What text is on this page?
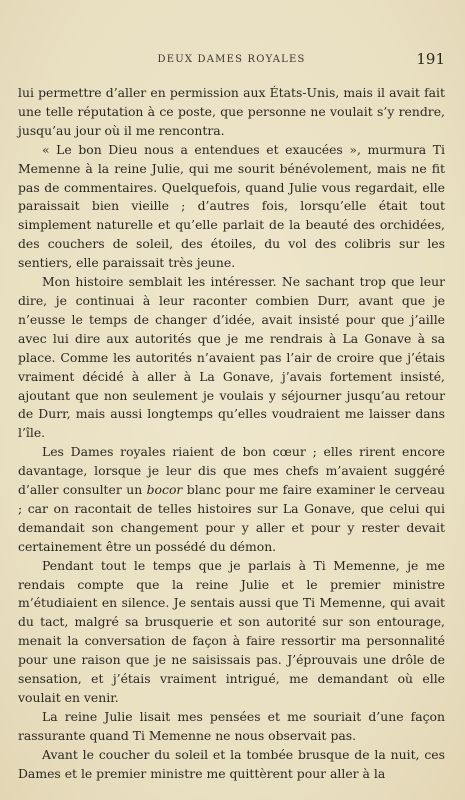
DEUX DAMES ROYALES	191

lui permettre d’aller en permission aux États-Unis, mais il avait fait une telle réputation à ce poste, que personne ne voulait s’y rendre, jusqu’au jour où il me rencontra.

« Le bon Dieu nous a entendues et exaucées », murmura Ti Memenne à la reine Julie, qui me sourit bénévolement, mais ne fit pas de commentaires. Quelquefois, quand Julie vous regardait, elle paraissait bien vieille ; d’autres fois, lorsqu’elle était tout simplement naturelle et qu’elle parlait de la beauté des orchidées, des couchers de soleil, des étoiles, du vol des colibris sur les sentiers, elle paraissait très jeune.

Mon histoire semblait les intéresser. Ne sachant trop que leur dire, je continuai à leur raconter combien Durr, avant que je n’eusse le temps de changer d’idée, avait insisté pour que j’aille avec lui dire aux autorités que je me rendrais à La Gonave à sa place. Comme les autorités n’avaient pas l’air de croire que j’étais vraiment décidé à aller à La Gonave, j’avais fortement insisté, ajoutant que non seulement je voulais y séjourner jusqu’au retour de Durr, mais aussi longtemps qu’elles voudraient me laisser dans l’île.

Les Dames royales riaient de bon cœur ; elles rirent encore davantage, lorsque je leur dis que mes chefs m’avaient suggéré d’aller consulter un bocor blanc pour me faire examiner le cerveau ; car on racontait de telles histoires sur La Gonave, que celui qui demandait son changement pour y aller et pour y rester devait certainement être un possédé du démon.

Pendant tout le temps que je parlais à Ti Memenne, je me rendais compte que la reine Julie et le premier ministre m’étudiaient en silence. Je sentais aussi que Ti Memenne, qui avait du tact, malgré sa brusquerie et son autorité sur son entourage, menait la conversation de façon à faire ressortir ma personnalité pour une raison que je ne saisissais pas. J’éprouvais une drôle de sensation, et j’étais vraiment intrigué, me demandant où elle voulait en venir.

La reine Julie lisait mes pensées et me souriait d’une façon rassurante quand Ti Memenne ne nous observait pas.

Avant le coucher du soleil et la tombée brusque de la nuit, ces Dames et le premier ministre me quittèrent pour aller à la
